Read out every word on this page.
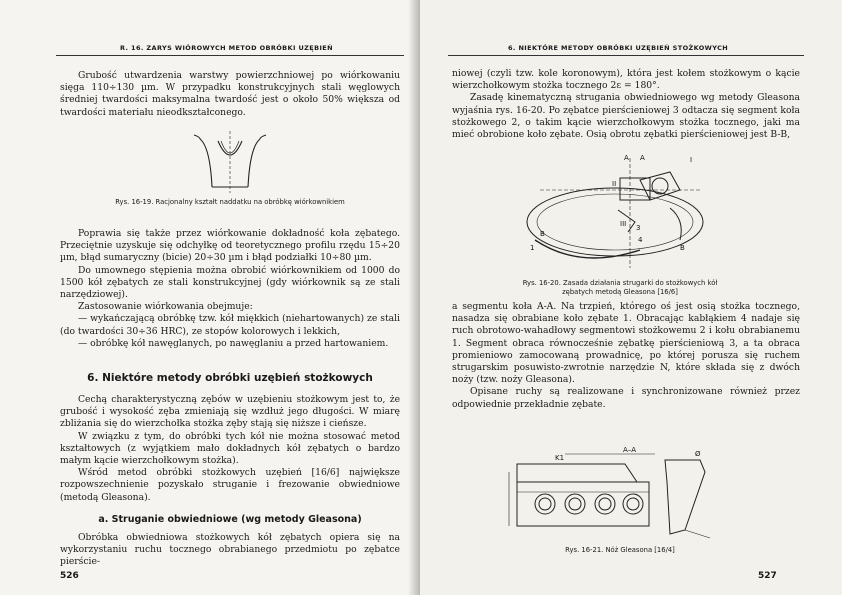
R. 16. ZARYS WIÓROWYCH METOD OBRÓBKI UZĘBIEŃ

Grubość utwardzenia warstwy powierzchniowej po wiórkowaniu sięga 110÷130 µm. W przypadku konstrukcyjnych stali węglowych średniej twardości maksymalna twardość jest o około 50% większa od twardości materiału nieodkształconego.

Rys. 16-19. Racjonalny kształt naddatku na obróbkę wiórkownikiem

Poprawia się także przez wiórkowanie dokładność koła zębatego. Przeciętnie uzyskuje się odchyłkę od teoretycznego profilu rzędu 15÷20 µm, błąd sumaryczny (bicie) 20÷30 µm i błąd podziałki 10÷80 µm.

Do umownego stępienia można obrobić wiórkownikiem od 1000 do 1500 kół zębatych ze stali konstrukcyjnej (gdy wiórkownik są ze stali narzędziowej).

Zastosowanie wiórkowania obejmuje:

— wykańczającą obróbkę tzw. kół miękkich (niehartowanych) ze stali (do twardości 30÷36 HRC), ze stopów kolorowych i lekkich,

— obróbkę kół nawęglanych, po nawęglaniu a przed hartowaniem.

6. Niektóre metody obróbki uzębień stożkowych

Cechą charakterystyczną zębów w uzębieniu stożkowym jest to, że grubość i wysokość zęba zmieniają się wzdłuż jego długości. W miarę zbliżania się do wierzchołka stożka zęby stają się niższe i cieńsze.

W związku z tym, do obróbki tych kół nie można stosować metod kształtowych (z wyjątkiem mało dokładnych kół zębatych o bardzo małym kącie wierzchołkowym stożka).

Wśród metod obróbki stożkowych uzębień [16/6] największe rozpowszechnienie pozyskało struganie i frezowanie obwiedniowe (metodą Gleasona).

a. Struganie obwiedniowe (wg metody Gleasona)

Obróbka obwiedniowa stożkowych kół zębatych opiera się na wykorzystaniu ruchu tocznego obrabianego przedmiotu po zębatce pierście-

526
6. NIEKTÓRE METODY OBRÓBKI UZĘBIEŃ STOŻKOWYCH

niowej (czyli tzw. kole koronowym), która jest kołem stożkowym o kącie wierzchołkowym stożka tocznego 2ε = 180°.

Zasadę kinematyczną strugania obwiedniowego wg metody Gleasona wyjaśnia rys. 16-20. Po zębatce pierścieniowej 3 odtacza się segment koła stożkowego 2, o takim kącie wierzchołkowym stożka tocznego, jaki ma mieć obrobione koło zębate. Osią obrotu zębatki pierścieniowej jest B-B,

A A	I
II
III 3
B
B
1
4
Rys. 16-20. Zasada działania strugarki do stożkowych kół zębatych metodą Gleasona [16/6]

a segmentu koła A-A. Na trzpień, którego oś jest osią stożka tocznego, nasadza się obrabiane koło zębate 1. Obracając kabłąkiem 4 nadaje się ruch obrotowo-wahadłowy segmentowi stożkowemu 2 i kołu obrabianemu 1. Segment obraca równocześnie zębatkę pierścieniową 3, a ta obraca promieniowo zamocowaną prowadnicę, po której porusza się ruchem strugarskim posuwisto-zwrotnie narzędzie N, które składa się z dwóch noży (tzw. noży Gleasona).

Opisane ruchy są realizowane i synchronizowane również przez odpowiednie przekładnie zębate.

A–A
K1	Ø
Rys. 16-21. Nóż Gleasona [16/4]
527
